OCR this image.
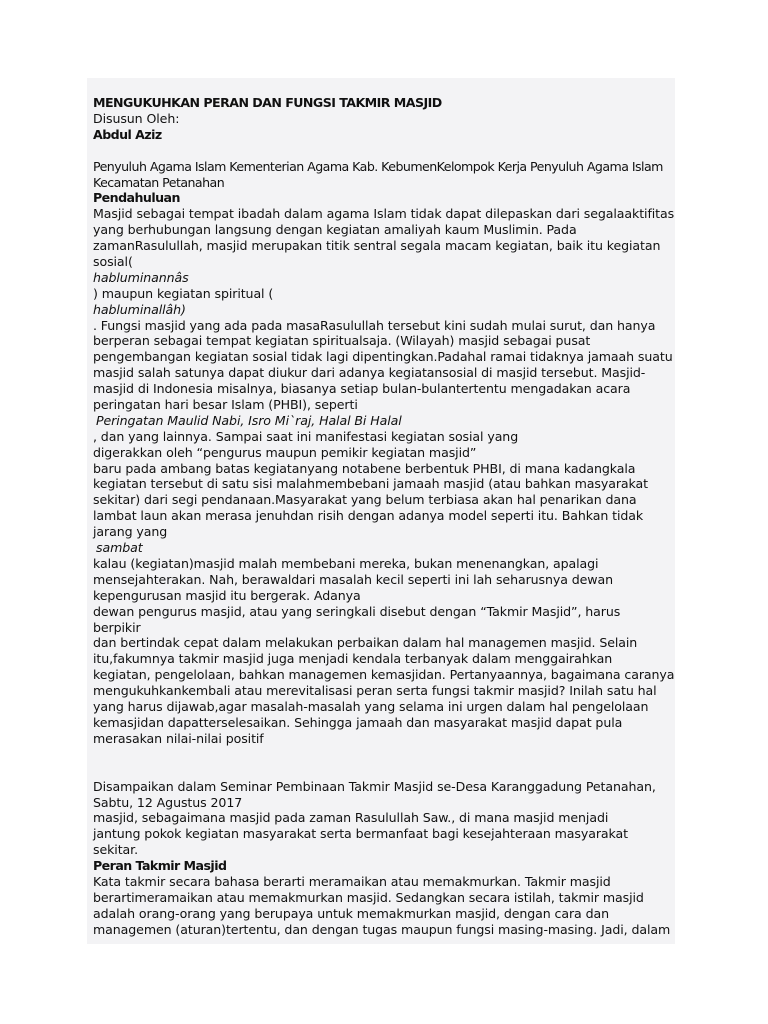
MENGUKUHKAN PERAN DAN FUNGSI TAKMIR MASJID
Disusun Oleh:
Abdul Aziz
Penyuluh Agama Islam Kementerian Agama Kab. KebumenKelompok Kerja Penyuluh Agama Islam
Kecamatan Petanahan
Pendahuluan
Masjid sebagai tempat ibadah dalam agama Islam tidak dapat dilepaskan dari segalaaktifitas
yang berhubungan langsung dengan kegiatan amaliyah kaum Muslimin. Pada
zamanRasulullah, masjid merupakan titik sentral segala macam kegiatan, baik itu kegiatan
sosial(
habluminannâs
) maupun kegiatan spiritual (
habluminallâh)
. Fungsi masjid yang ada pada masaRasulullah tersebut kini sudah mulai surut, dan hanya
berperan sebagai tempat kegiatan spiritualsaja. (Wilayah) masjid sebagai pusat
pengembangan kegiatan sosial tidak lagi dipentingkan.Padahal ramai tidaknya jamaah suatu
masjid salah satunya dapat diukur dari adanya kegiatansosial di masjid tersebut. Masjid-
masjid di Indonesia misalnya, biasanya setiap bulan-bulantertentu mengadakan acara
peringatan hari besar Islam (PHBI), seperti
Peringatan Maulid Nabi, Isro Mi`raj, Halal Bi Halal
, dan yang lainnya. Sampai saat ini manifestasi kegiatan sosial yang
digerakkan oleh “pengurus maupun pemikir kegiatan masjid”
baru pada ambang batas kegiatanyang notabene berbentuk PHBI, di mana kadangkala
kegiatan tersebut di satu sisi malahmembebani jamaah masjid (atau bahkan masyarakat
sekitar) dari segi pendanaan.Masyarakat yang belum terbiasa akan hal penarikan dana
lambat laun akan merasa jenuhdan risih dengan adanya model seperti itu. Bahkan tidak
jarang yang
sambat
kalau (kegiatan)masjid malah membebani mereka, bukan menenangkan, apalagi
mensejahterakan. Nah, berawaldari masalah kecil seperti ini lah seharusnya dewan
kepengurusan masjid itu bergerak. Adanya
dewan pengurus masjid, atau yang seringkali disebut dengan “Takmir Masjid”, harus
berpikir
dan bertindak cepat dalam melakukan perbaikan dalam hal managemen masjid. Selain
itu,fakumnya takmir masjid juga menjadi kendala terbanyak dalam menggairahkan
kegiatan, pengelolaan, bahkan managemen kemasjidan. Pertanyaannya, bagaimana caranya
mengukuhkankembali atau merevitalisasi peran serta fungsi takmir masjid? Inilah satu hal
yang harus dijawab,agar masalah-masalah yang selama ini urgen dalam hal pengelolaan
kemasjidan dapatterselesaikan. Sehingga jamaah dan masyarakat masjid dapat pula
merasakan nilai-nilai positif
Disampaikan dalam Seminar Pembinaan Takmir Masjid se-Desa Karanggadung Petanahan,
Sabtu, 12 Agustus 2017
masjid, sebagaimana masjid pada zaman Rasulullah Saw., di mana masjid menjadi
jantung pokok kegiatan masyarakat serta bermanfaat bagi kesejahteraan masyarakat
sekitar.
Peran Takmir Masjid
Kata takmir secara bahasa berarti meramaikan atau memakmurkan. Takmir masjid
berartimeramaikan atau memakmurkan masjid. Sedangkan secara istilah, takmir masjid
adalah orang-orang yang berupaya untuk memakmurkan masjid, dengan cara dan
managemen (aturan)tertentu, dan dengan tugas maupun fungsi masing-masing. Jadi, dalam
